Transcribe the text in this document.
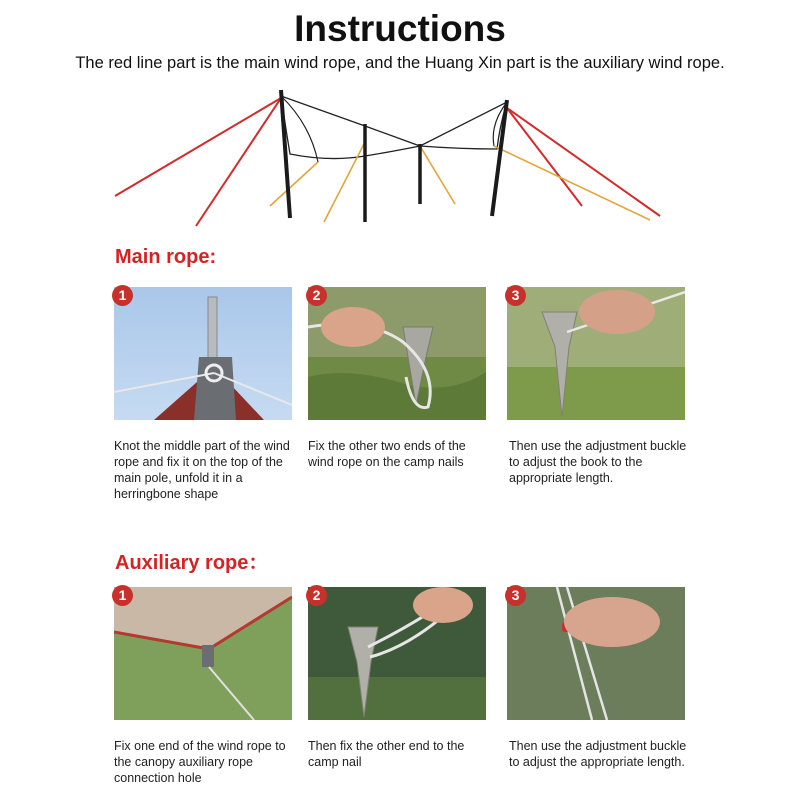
Instructions
The red line part is the main wind rope, and the Huang Xin part is the auxiliary wind rope.
Main rope:
1	2	3
Knot the middle part of the wind rope and fix it on the top of the main pole, unfold it in a herringbone shape
Fix the other two ends of the wind rope on the camp nails
Then use the adjustment buckle to adjust the book to the appropriate length.
Auxiliary rope：
1	2	3
Fix one end of the wind rope to the canopy auxiliary rope connection hole
Then fix the other end to the camp nail
Then use the adjustment buckle to adjust the appropriate length.
